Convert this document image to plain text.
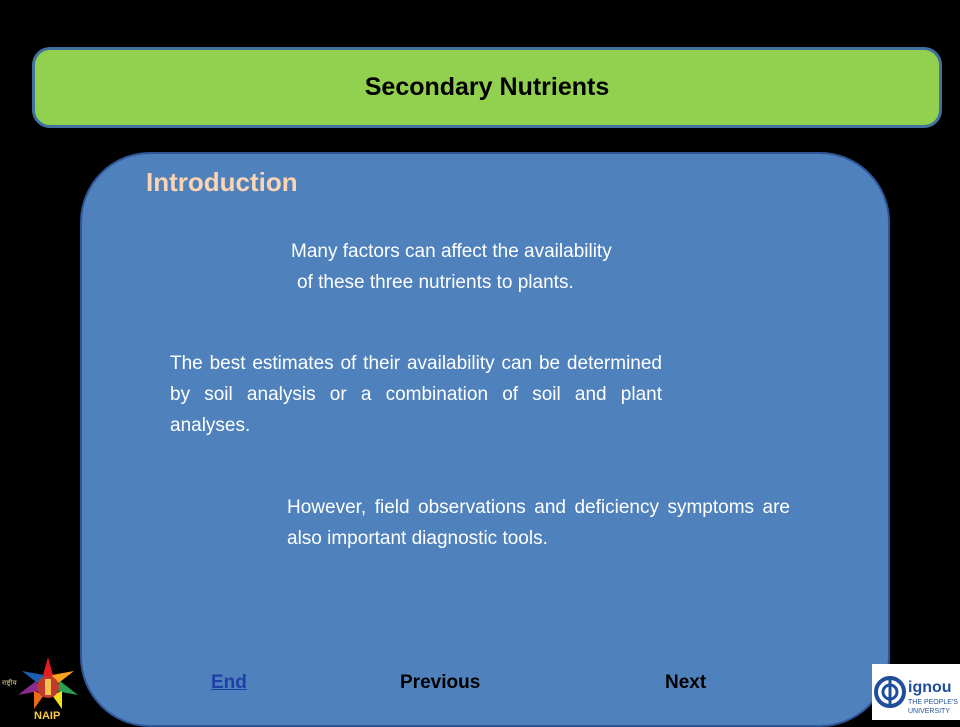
Secondary Nutrients
Introduction
Many factors can affect the availability
of these three nutrients to plants.
The best estimates of their availability can be determined by soil analysis or a combination of soil and plant analyses.
However, field observations and deficiency symptoms are also important diagnostic tools.
End	Previous	Next
राष्ट्रीय
NAIP
ignou
THE PEOPLE'S
UNIVERSITY
